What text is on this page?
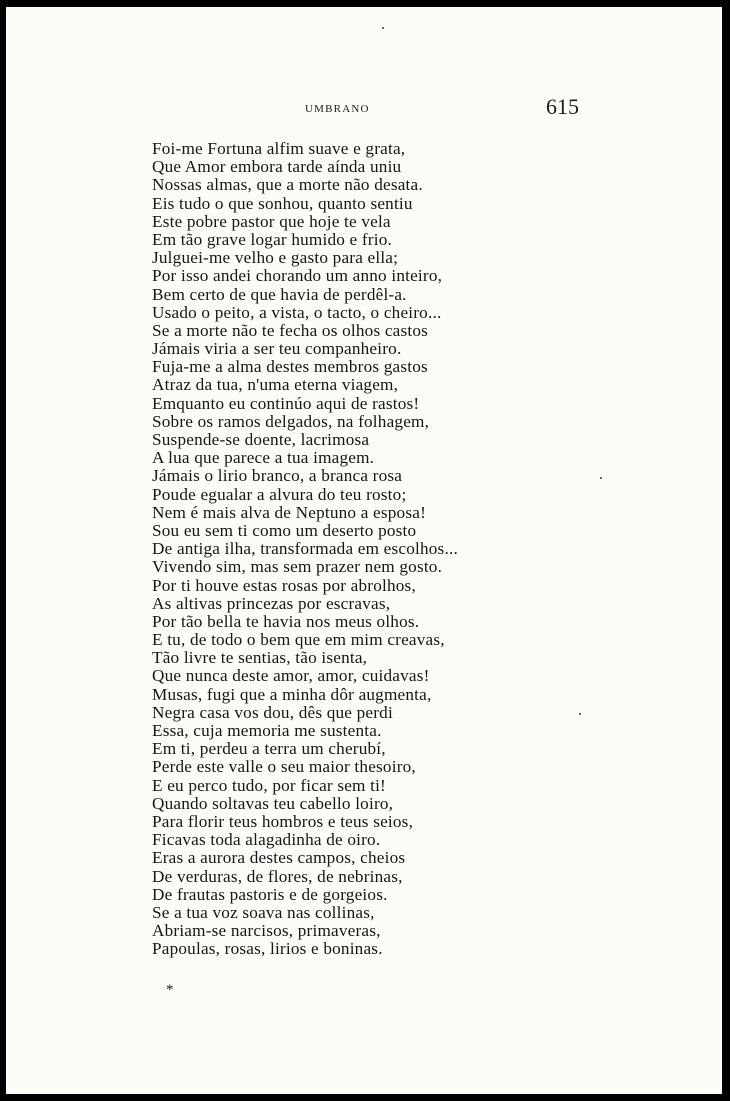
UMBRANO	615
Foi-me Fortuna alfim suave e grata,
Que Amor embora tarde aínda uniu
Nossas almas, que a morte não desata.
Eis tudo o que sonhou, quanto sentiu
Este pobre pastor que hoje te vela
Em tão grave logar humido e frio.
Julguei-me velho e gasto para ella;
Por isso andei chorando um anno inteiro,
Bem certo de que havia de perdêl-a.
Usado o peito, a vista, o tacto, o cheiro...
Se a morte não te fecha os olhos castos
Jámais viria a ser teu companheiro.
Fuja-me a alma destes membros gastos
Atraz da tua, n'uma eterna viagem,
Emquanto eu continúo aqui de rastos!
Sobre os ramos delgados, na folhagem,
Suspende-se doente, lacrimosa
A lua que parece a tua imagem.
Jámais o lirio branco, a branca rosa
Poude egualar a alvura do teu rosto;
Nem é mais alva de Neptuno a esposa!
Sou eu sem ti como um deserto posto
De antiga ilha, transformada em escolhos...
Vivendo sim, mas sem prazer nem gosto.
Por ti houve estas rosas por abrolhos,
As altivas princezas por escravas,
Por tão bella te havia nos meus olhos.
E tu, de todo o bem que em mim creavas,
Tão livre te sentias, tão isenta,
Que nunca deste amor, amor, cuidavas!
Musas, fugi que a minha dôr augmenta,
Negra casa vos dou, dês que perdi
Essa, cuja memoria me sustenta.
Em ti, perdeu a terra um cherubí,
Perde este valle o seu maior thesoiro,
E eu perco tudo, por ficar sem ti!
Quando soltavas teu cabello loiro,
Para florir teus hombros e teus seios,
Ficavas toda alagadinha de oiro.
Eras a aurora destes campos, cheios
De verduras, de flores, de nebrinas,
De frautas pastoris e de gorgeios.
Se a tua voz soava nas collinas,
Abriam-se narcisos, primaveras,
Papoulas, rosas, lirios e boninas.
*
